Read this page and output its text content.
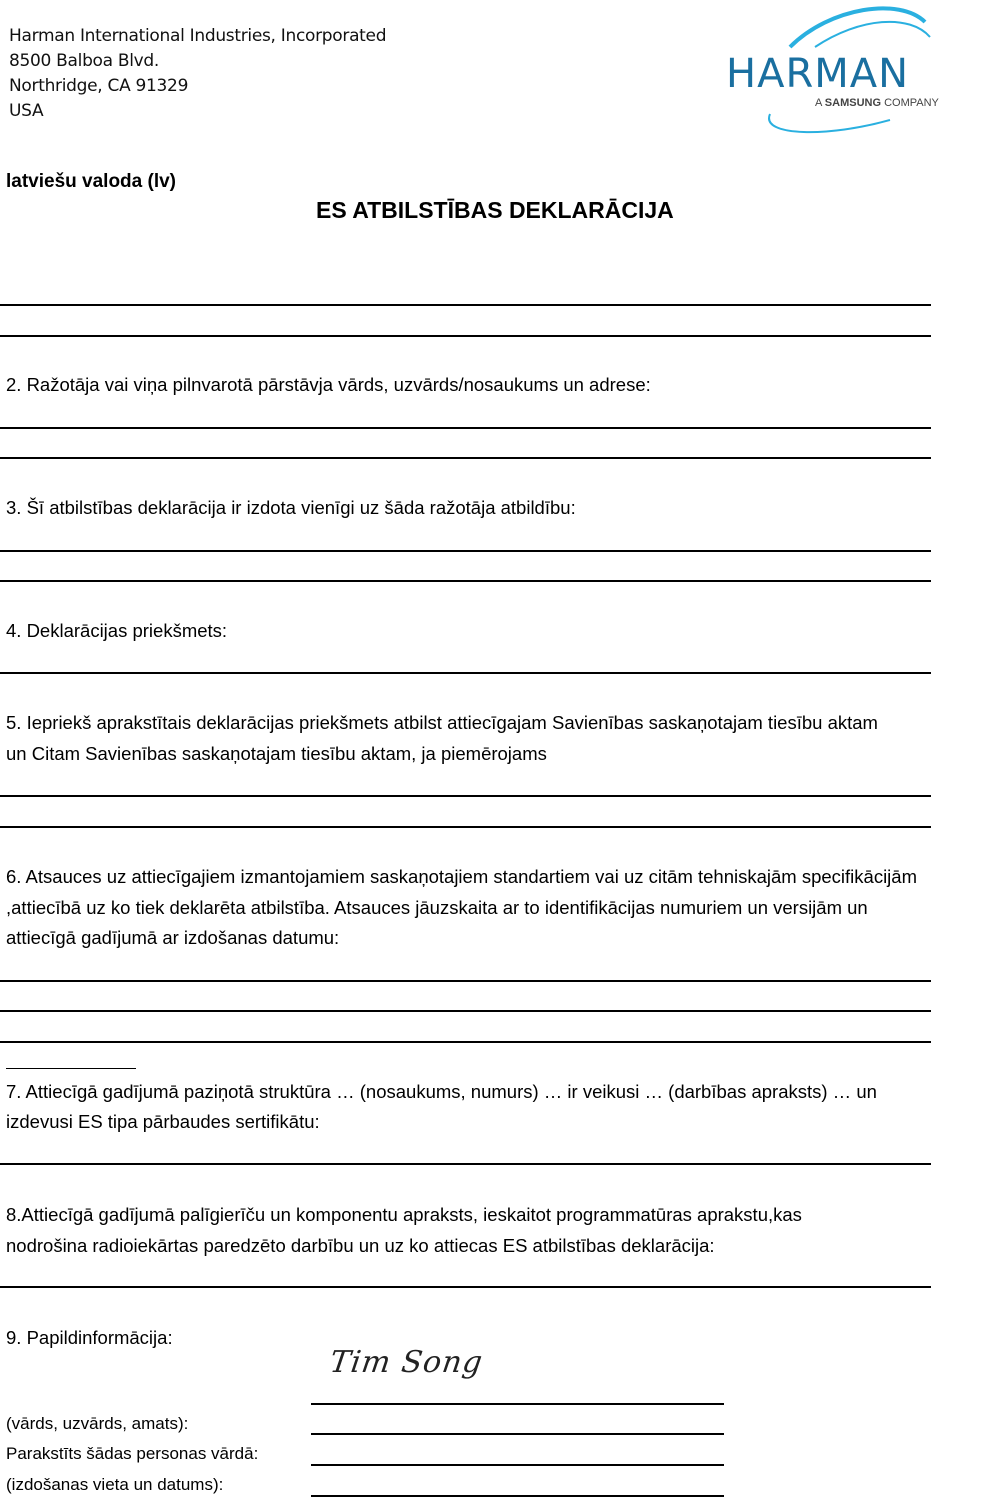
Harman International Industries, Incorporated
8500 Balboa Blvd.
Northridge, CA 91329
USA
HARMAN
A SAMSUNG COMPANY
latviešu valoda (lv)
ES ATBILSTĪBAS DEKLARĀCIJA
2. Ražotāja vai viņa pilnvarotā pārstāvja vārds, uzvārds/nosaukums un adrese:
3. Šī atbilstības deklarācija ir izdota vienīgi uz šāda ražotāja atbildību:
4. Deklarācijas priekšmets:
5. Iepriekš aprakstītais deklarācijas priekšmets atbilst attiecīgajam Savienības saskaņotajam tiesību aktam
un Citam Savienības saskaņotajam tiesību aktam, ja piemērojams
6. Atsauces uz attiecīgajiem izmantojamiem saskaņotajiem standartiem vai uz citām tehniskajām specifikācijām
,attiecībā uz ko tiek deklarēta atbilstība. Atsauces jāuzskaita ar to identifikācijas numuriem un versijām un
attiecīgā gadījumā ar izdošanas datumu:
7. Attiecīgā gadījumā paziņotā struktūra … (nosaukums, numurs) … ir veikusi … (darbības apraksts) … un
izdevusi ES tipa pārbaudes sertifikātu:
8.Attiecīgā gadījumā palīgierīču un komponentu apraksts, ieskaitot programmatūras aprakstu,kas
nodrošina radioiekārtas paredzēto darbību un uz ko attiecas ES atbilstības deklarācija:
9. Papildinformācija:
Tim Song
(vārds, uzvārds, amats):
Parakstīts šādas personas vārdā:
(izdošanas vieta un datums):
